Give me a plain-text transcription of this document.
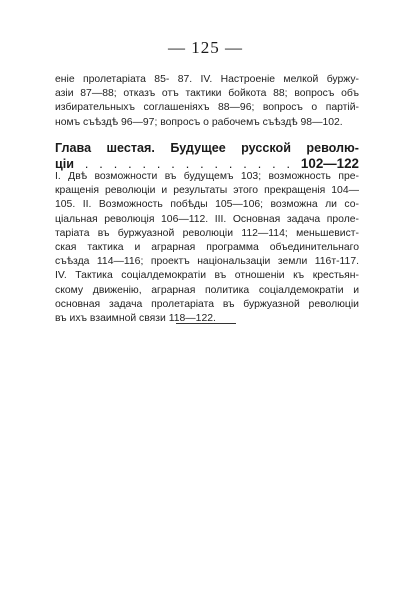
— 125 —
еніе пролетаріата 85- 87. IV. Настроеніе мелкой буржу-
азіи 87—88; отказъ отъ тактики бойкота 88; вопросъ объ
избирательныхъ соглашеніяхъ 88—96; вопросъ о партій-
номъ съѣздѣ 96—97; вопросъ о рабочемъ съѣздѣ 98—102.
Глава шестая. Будущее русской револю-
ціи . . . . . . . . . . . . . . . 102—122
I. Двѣ возможности въ будущемъ 103; возможность пре-
кращенія революціи и результаты этого прекращенія 104—
105. II. Возможность побѣды 105—106; возможна ли со-
ціальная революція 106—112. III. Основная задача проле-
таріата въ буржуазной революціи 112—114; меньшевист-
ская тактика и аграрная программа объединительнаго
съѣзда 114—116; проектъ національзаціи земли 116т-117.
IV. Тактика соціалдемократіи въ отношеніи къ крестьян-
скому движенію, аграрная политика соціалдемократіи и
основная задача пролетаріата въ буржуазной революціи
въ ихъ взаимной связи 118—122.
